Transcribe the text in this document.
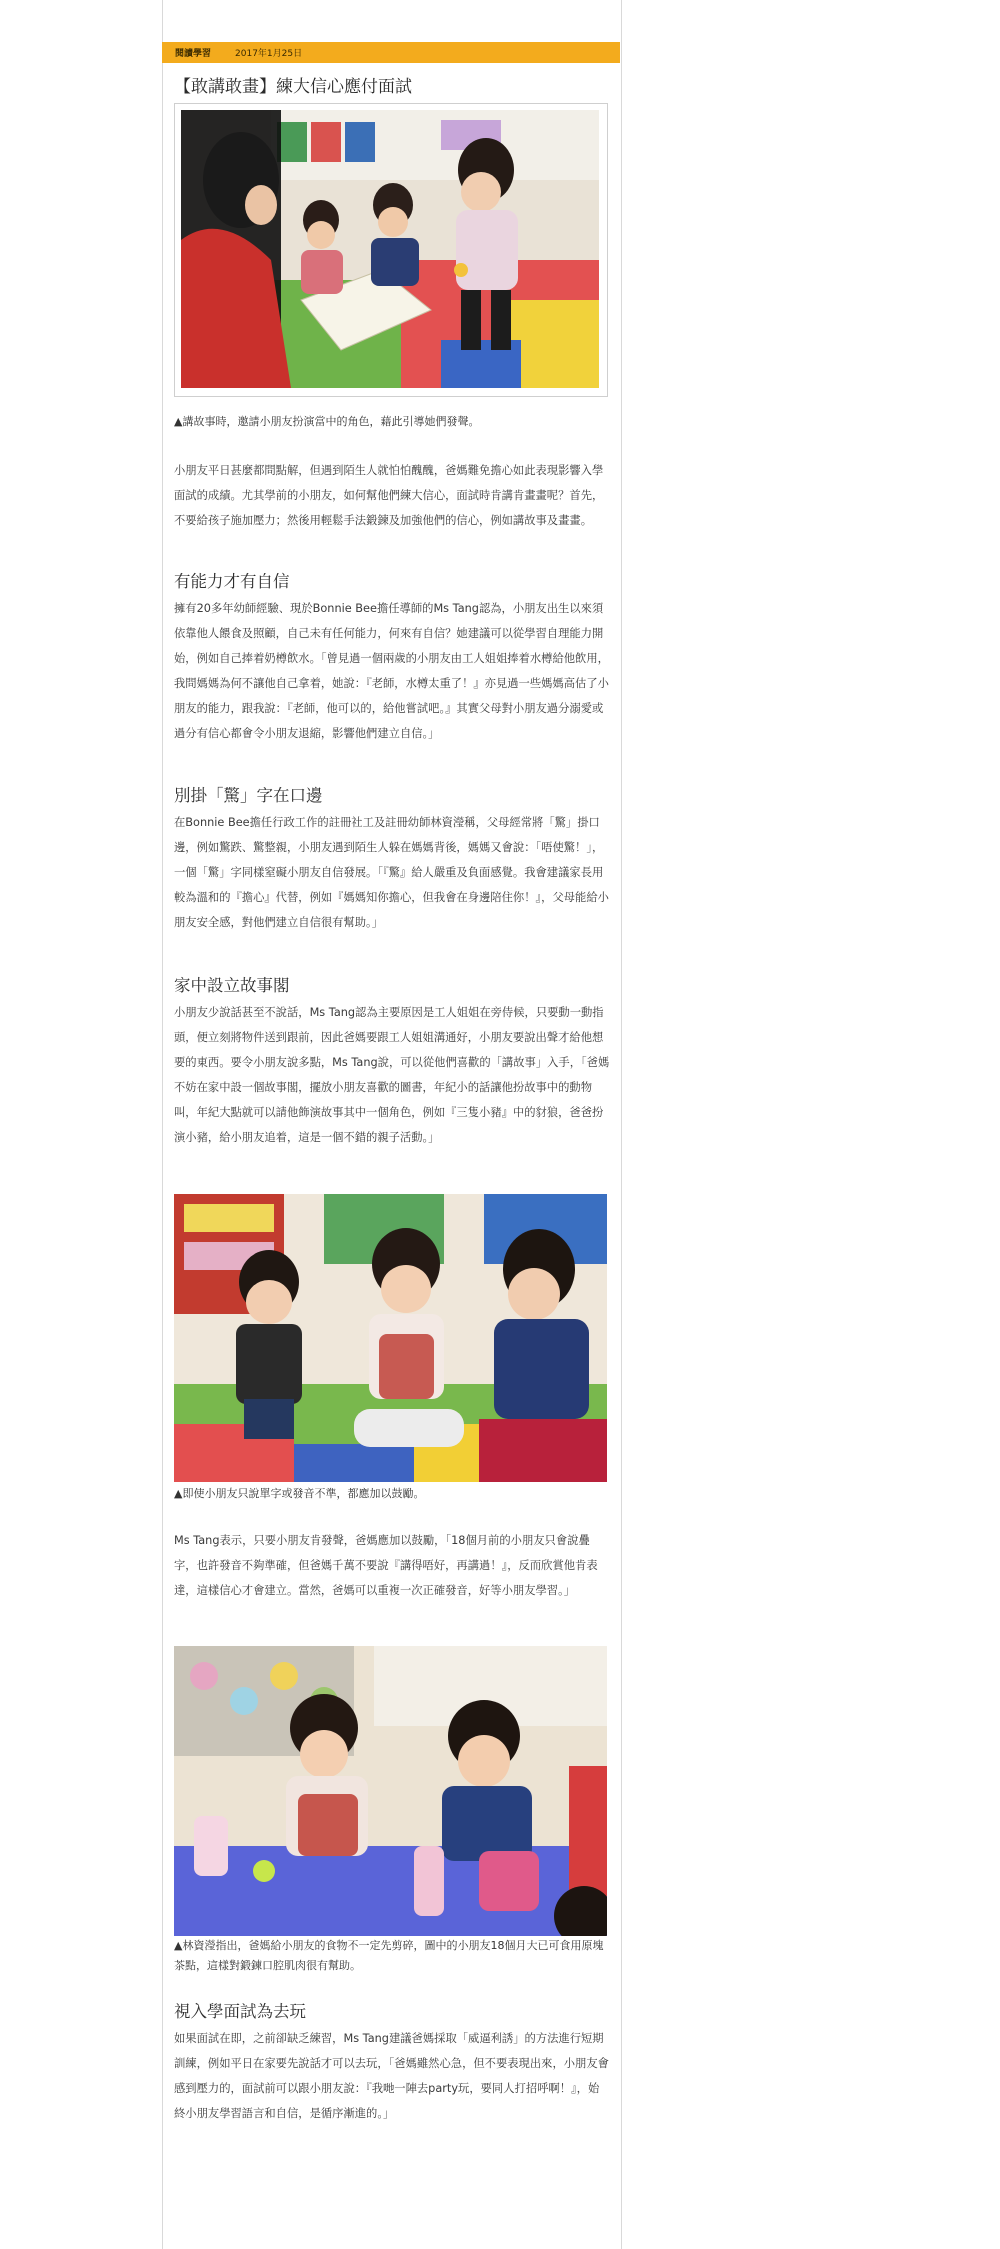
閱讀學習	2017年1月25日
【敢講敢畫】練大信心應付面試
▲講故事時，邀請小朋友扮演當中的角色，藉此引導她們發聲。
小朋友平日甚麼都問點解，但遇到陌生人就怕怕醜醜，爸媽難免擔心如此表現影響入學面試的成績。尤其學前的小朋友，如何幫他們練大信心，面試時肯講肯畫畫呢？首先，不要給孩子施加壓力；然後用輕鬆手法鍛鍊及加強他們的信心，例如講故事及畫畫。
有能力才有自信
擁有20多年幼師經驗、現於Bonnie Bee擔任導師的Ms Tang認為，小朋友出生以來須依靠他人餵食及照顧，自己未有任何能力，何來有自信？她建議可以從學習自理能力開始，例如自己捧着奶樽飲水。「曾見過一個兩歲的小朋友由工人姐姐捧着水樽給他飲用，我問媽媽為何不讓他自己拿着，她說：『老師，水樽太重了！』亦見過一些媽媽高估了小朋友的能力，跟我說：『老師，他可以的，給他嘗試吧。』其實父母對小朋友過分溺愛或過分有信心都會令小朋友退縮，影響他們建立自信。」
別掛「驚」字在口邊
在Bonnie Bee擔任行政工作的註冊社工及註冊幼師林資瀅稱，父母經常將「驚」掛口邊，例如驚跌、驚整親，小朋友遇到陌生人躲在媽媽背後，媽媽又會說：「唔使驚！」，一個「驚」字同樣窒礙小朋友自信發展。「『驚』給人嚴重及負面感覺。我會建議家長用較為溫和的『擔心』代替，例如『媽媽知你擔心，但我會在身邊陪住你！』，父母能給小朋友安全感，對他們建立自信很有幫助。」
家中設立故事閣
小朋友少說話甚至不說話，Ms Tang認為主要原因是工人姐姐在旁侍候，只要動一動指頭，便立刻將物件送到跟前，因此爸媽要跟工人姐姐溝通好，小朋友要說出聲才給他想要的東西。要令小朋友說多點，Ms Tang說，可以從他們喜歡的「講故事」入手，「爸媽不妨在家中設一個故事閣，擺放小朋友喜歡的圖書，年紀小的話讓他扮故事中的動物叫，年紀大點就可以請他飾演故事其中一個角色，例如『三隻小豬』中的豺狼，爸爸扮演小豬，給小朋友追着，這是一個不錯的親子活動。」
▲即使小朋友只說單字或發音不準，都應加以鼓勵。
Ms Tang表示，只要小朋友肯發聲，爸媽應加以鼓勵，「18個月前的小朋友只會說疊字，也許發音不夠準確，但爸媽千萬不要說『講得唔好，再講過！』，反而欣賞他肯表達，這樣信心才會建立。當然，爸媽可以重複一次正確發音，好等小朋友學習。」
▲林資瀅指出，爸媽給小朋友的食物不一定先剪碎，圖中的小朋友18個月大已可食用原塊茶點，這樣對鍛鍊口腔肌肉很有幫助。
視入學面試為去玩
如果面試在即，之前卻缺乏練習，Ms Tang建議爸媽採取「威逼利誘」的方法進行短期訓練，例如平日在家要先說話才可以去玩，「爸媽雖然心急，但不要表現出來，小朋友會感到壓力的，面試前可以跟小朋友說：『我哋一陣去party玩，要同人打招呼啊！』，始終小朋友學習語言和自信，是循序漸進的。」
